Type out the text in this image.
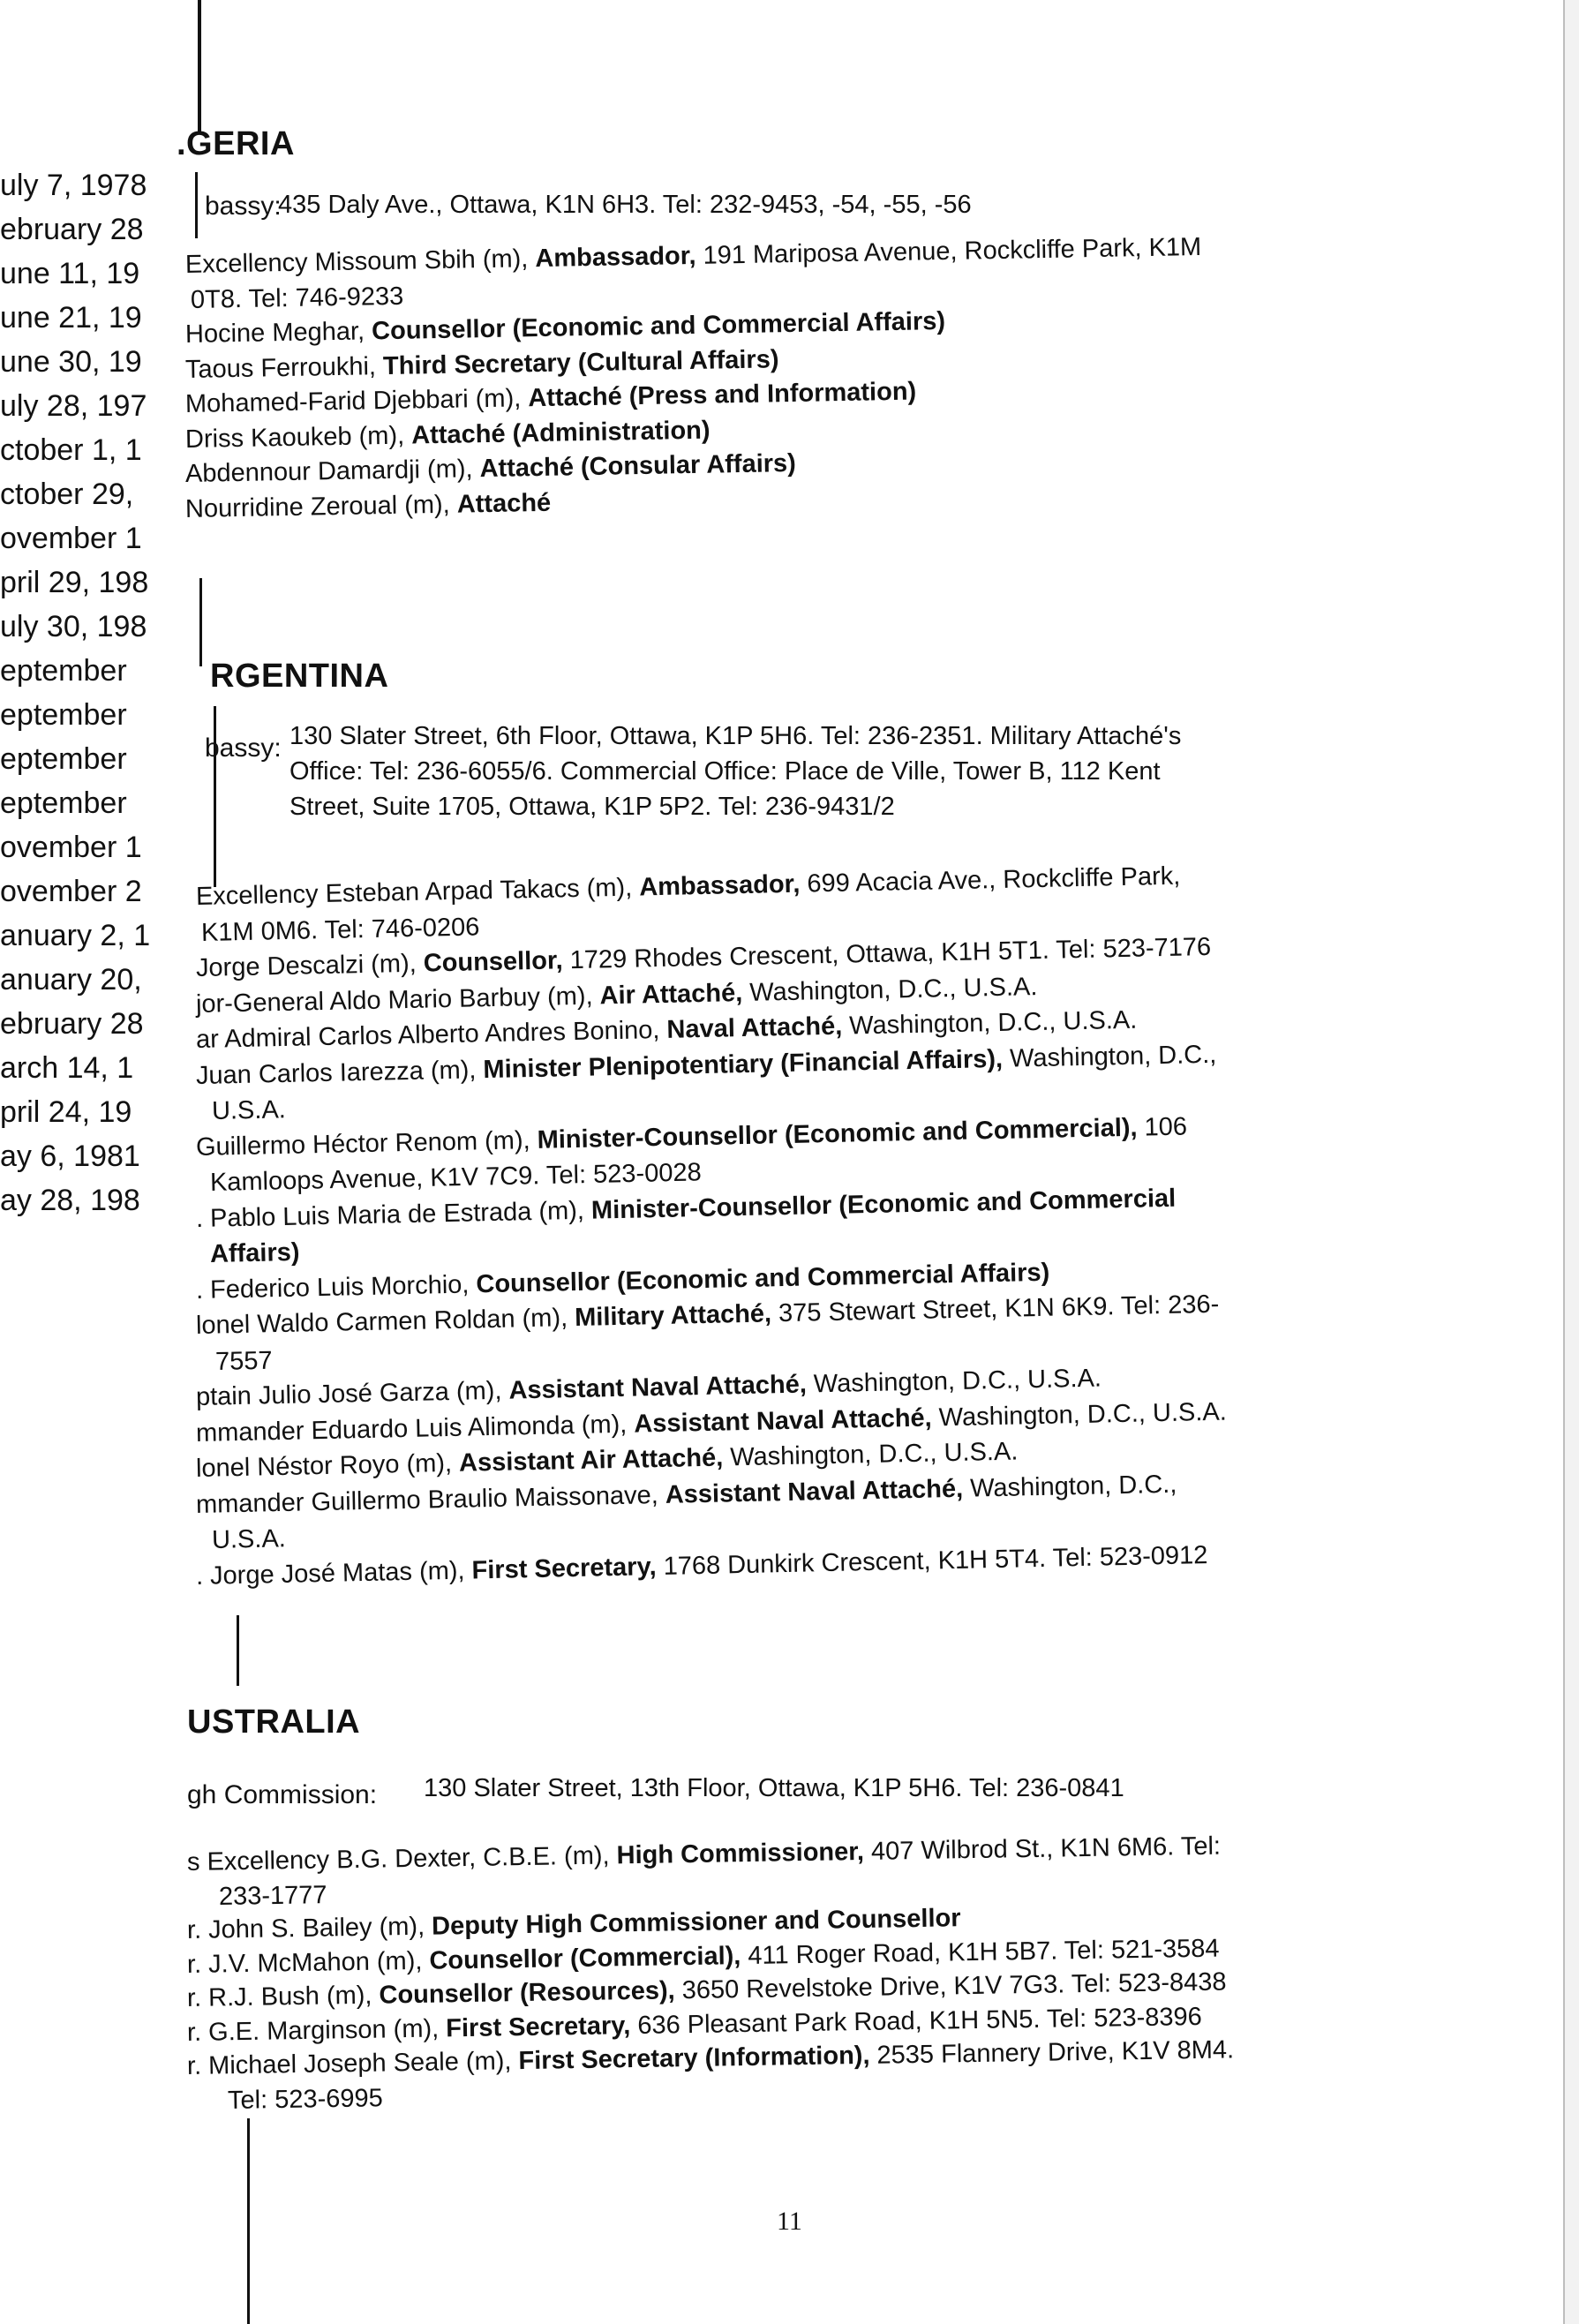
uly 7, 1978
ebruary 28
une 11, 19
une 21, 19
une 30, 19
uly 28, 197
ctober 1, 1
ctober 29,
ovember 1
pril 29, 198
uly 30, 198
eptember
eptember
eptember
eptember
ovember 1
ovember 2
anuary 2, 1
anuary 20,
ebruary 28
arch 14, 1
pril 24, 19
ay 6, 1981
ay 28, 198
.GERIA
bassy:
435 Daly Ave., Ottawa, K1N 6H3. Tel: 232-9453, -54, -55, -56
Excellency Missoum Sbih (m), Ambassador, 191 Mariposa Avenue, Rockcliffe Park, K1M
0T8. Tel: 746-9233
Hocine Meghar, Counsellor (Economic and Commercial Affairs)
Taous Ferroukhi, Third Secretary (Cultural Affairs)
Mohamed-Farid Djebbari (m), Attaché (Press and Information)
Driss Kaoukeb (m), Attaché (Administration)
Abdennour Damardji (m), Attaché (Consular Affairs)
Nourridine Zeroual (m), Attaché
RGENTINA
bassy: 130 Slater Street, 6th Floor, Ottawa, K1P 5H6. Tel: 236-2351. Military Attaché's
Office: Tel: 236-6055/6. Commercial Office: Place de Ville, Tower B, 112 Kent
Street, Suite 1705, Ottawa, K1P 5P2. Tel: 236-9431/2
Excellency Esteban Arpad Takacs (m), Ambassador, 699 Acacia Ave., Rockcliffe Park,
K1M 0M6. Tel: 746-0206
Jorge Descalzi (m), Counsellor, 1729 Rhodes Crescent, Ottawa, K1H 5T1. Tel: 523-7176
jor-General Aldo Mario Barbuy (m), Air Attaché, Washington, D.C., U.S.A.
ar Admiral Carlos Alberto Andres Bonino, Naval Attaché, Washington, D.C., U.S.A.
Juan Carlos Iarezza (m), Minister Plenipotentiary (Financial Affairs), Washington, D.C.,
U.S.A.
Guillermo Héctor Renom (m), Minister-Counsellor (Economic and Commercial), 106
Kamloops Avenue, K1V 7C9. Tel: 523-0028
. Pablo Luis Maria de Estrada (m), Minister-Counsellor (Economic and Commercial
Affairs)
. Federico Luis Morchio, Counsellor (Economic and Commercial Affairs)
lonel Waldo Carmen Roldan (m), Military Attaché, 375 Stewart Street, K1N 6K9. Tel: 236-
7557
ptain Julio José Garza (m), Assistant Naval Attaché, Washington, D.C., U.S.A.
mmander Eduardo Luis Alimonda (m), Assistant Naval Attaché, Washington, D.C., U.S.A.
lonel Néstor Royo (m), Assistant Air Attaché, Washington, D.C., U.S.A.
mmander Guillermo Braulio Maissonave, Assistant Naval Attaché, Washington, D.C.,
U.S.A.
. Jorge José Matas (m), First Secretary, 1768 Dunkirk Crescent, K1H 5T4. Tel: 523-0912
USTRALIA
gh Commission: 130 Slater Street, 13th Floor, Ottawa, K1P 5H6. Tel: 236-0841
s Excellency B.G. Dexter, C.B.E. (m), High Commissioner, 407 Wilbrod St., K1N 6M6. Tel:
233-1777
r. John S. Bailey (m), Deputy High Commissioner and Counsellor
r. J.V. McMahon (m), Counsellor (Commercial), 411 Roger Road, K1H 5B7. Tel: 521-3584
r. R.J. Bush (m), Counsellor (Resources), 3650 Revelstoke Drive, K1V 7G3. Tel: 523-8438
r. G.E. Marginson (m), First Secretary, 636 Pleasant Park Road, K1H 5N5. Tel: 523-8396
r. Michael Joseph Seale (m), First Secretary (Information), 2535 Flannery Drive, K1V 8M4.
Tel: 523-6995
11
